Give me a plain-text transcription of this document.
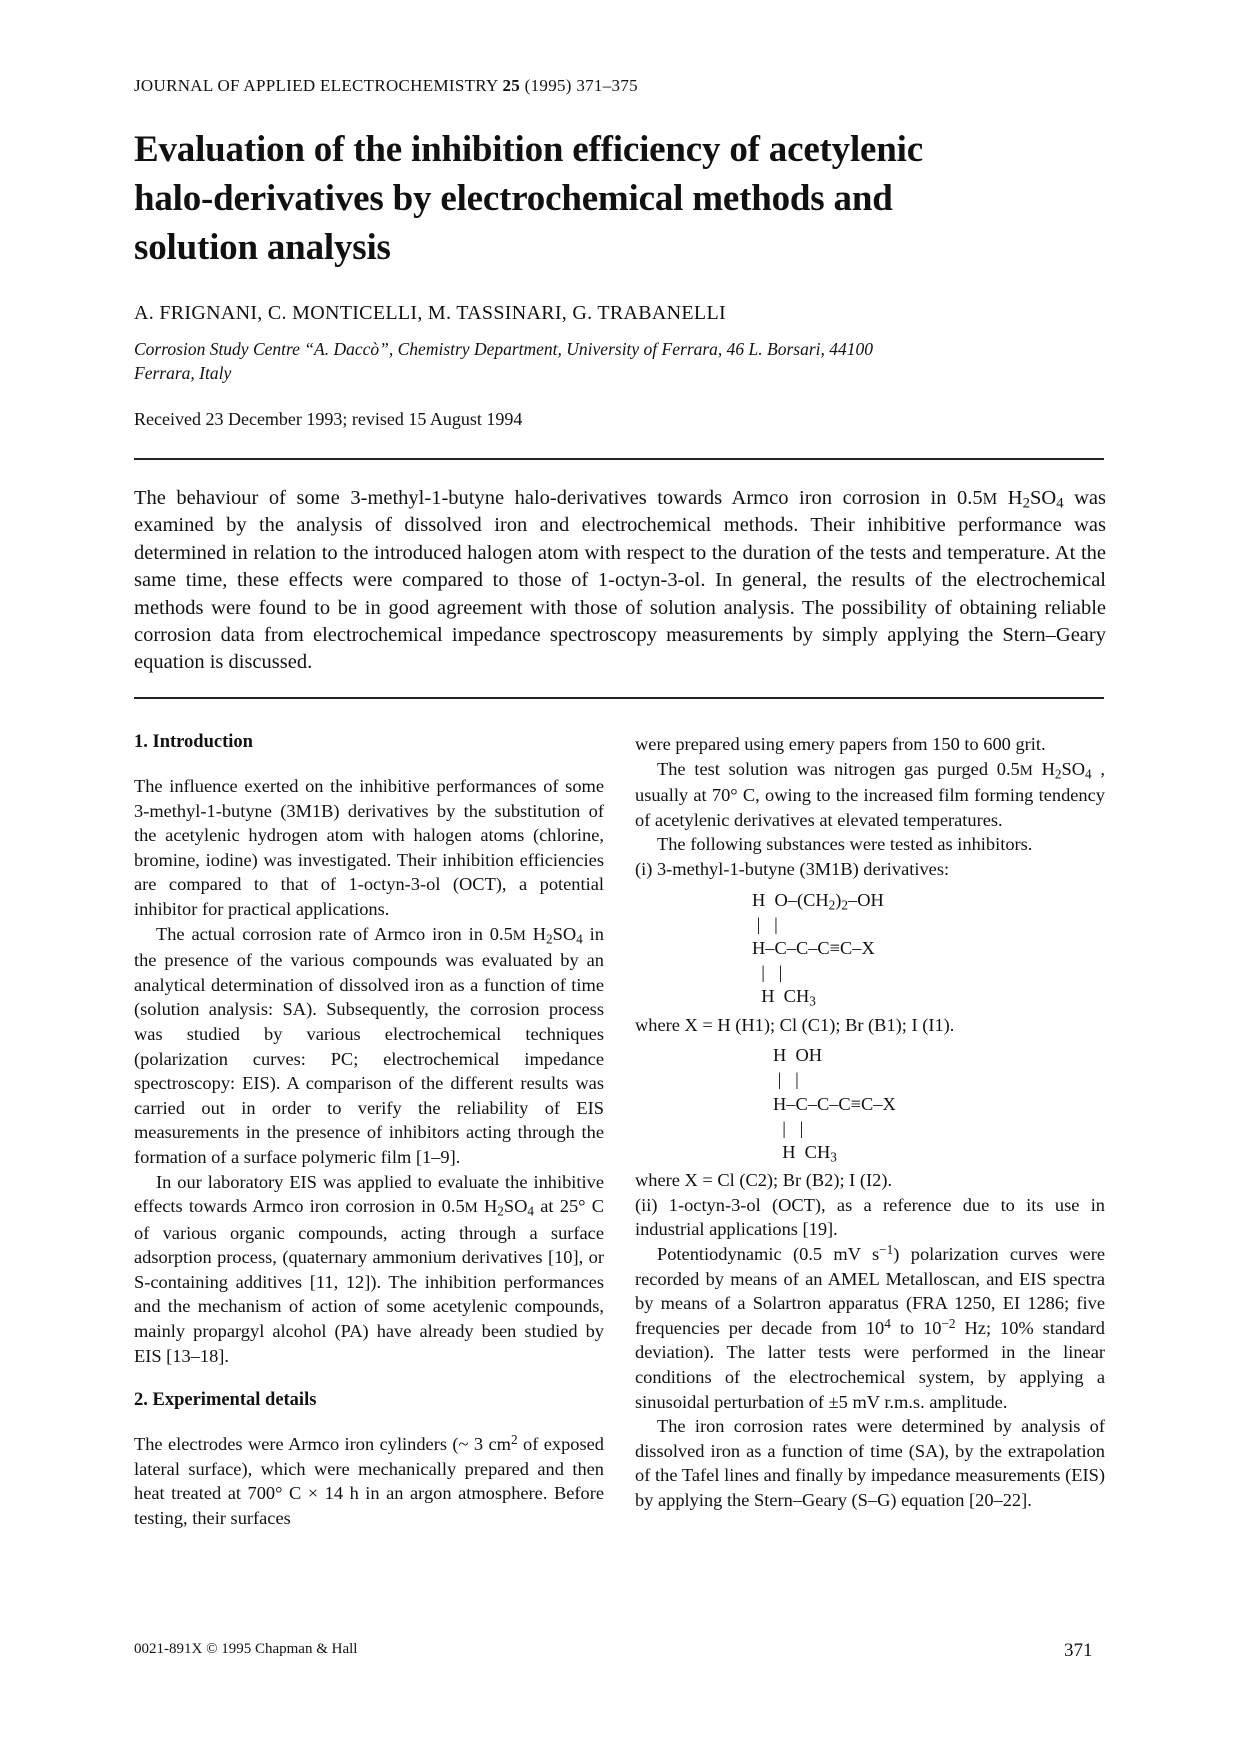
JOURNAL OF APPLIED ELECTROCHEMISTRY 25 (1995) 371–375
Evaluation of the inhibition efficiency of acetylenic
halo-derivatives by electrochemical methods and
solution analysis
A. FRIGNANI, C. MONTICELLI, M. TASSINARI, G. TRABANELLI
Corrosion Study Centre “A. Daccò”, Chemistry Department, University of Ferrara, 46 L. Borsari, 44100
Ferrara, Italy
Received 23 December 1993; revised 15 August 1994

The behaviour of some 3-methyl-1-butyne halo-derivatives towards Armco iron corrosion in 0.5M $H_2SO_4$ was examined by the analysis of dissolved iron and electrochemical methods. Their inhibitive performance was determined in relation to the introduced halogen atom with respect to the duration of the tests and temperature. At the same time, these effects were compared to those of 1-octyn-3-ol. In general, the results of the electrochemical methods were found to be in good agreement with those of solution analysis. The possibility of obtaining reliable corrosion data from electrochemical impedance spectroscopy measurements by simply applying the Stern–Geary equation is discussed.

1. Introduction

The influence exerted on the inhibitive performances of some 3-methyl-1-butyne (3M1B) derivatives by the substitution of the acetylenic hydrogen atom with halogen atoms (chlorine, bromine, iodine) was investigated. Their inhibition efficiencies are compared to that of 1-octyn-3-ol (OCT), a potential inhibitor for practical applications.

The actual corrosion rate of Armco iron in 0.5M $H_2SO_4$ in the presence of the various compounds was evaluated by an analytical determination of dissolved iron as a function of time (solution analysis: SA). Subsequently, the corrosion process was studied by various electrochemical techniques (polarization curves: PC; electrochemical impedance spectroscopy: EIS). A comparison of the different results was carried out in order to verify the reliability of EIS measurements in the presence of inhibitors acting through the formation of a surface polymeric film [1–9].

In our laboratory EIS was applied to evaluate the inhibitive effects towards Armco iron corrosion in 0.5M $H_2SO_4$ at 25° C of various organic compounds, acting through a surface adsorption process, (quaternary ammonium derivatives [10], or S-containing additives [11, 12]). The inhibition performances and the mechanism of action of some acetylenic compounds, mainly propargyl alcohol (PA) have already been studied by EIS [13–18].

2. Experimental details

The electrodes were Armco iron cylinders (~ 3 $cm^2$ of exposed lateral surface), which were mechanically prepared and then heat treated at 700° C × 14 h in an argon atmosphere. Before testing, their surfaces

were prepared using emery papers from 150 to 600 grit.

The test solution was nitrogen gas purged 0.5M $H_2SO_4$ , usually at 70° C, owing to the increased film forming tendency of acetylenic derivatives at elevated temperatures.

The following substances were tested as inhibitors.

(i) 3-methyl-1-butyne (3M1B) derivatives:

H  $O-(CH_2)_2-OH$
|   |
H–C–C–C≡C–X
|   |
H  $CH_3$

where X = H (H1); Cl (C1); Br (B1); I (I1).

H  OH
|   |
H–C–C–C≡C–X
|   |
H  $CH_3$

where X = Cl (C2); Br (B2); I (I2).

(ii) 1-octyn-3-ol (OCT), as a reference due to its use in industrial applications [19].

Potentiodynamic (0.5 mV $s^{-1}$) polarization curves were recorded by means of an AMEL Metalloscan, and EIS spectra by means of a Solartron apparatus (FRA 1250, EI 1286; five frequencies per decade from $10^4$ to $10^{-2}$ Hz; 10% standard deviation). The latter tests were performed in the linear conditions of the electrochemical system, by applying a sinusoidal perturbation of ±5 mV r.m.s. amplitude.

The iron corrosion rates were determined by analysis of dissolved iron as a function of time (SA), by the extrapolation of the Tafel lines and finally by impedance measurements (EIS) by applying the Stern–Geary (S–G) equation [20–22].

0021-891X © 1995 Chapman & Hall	371
